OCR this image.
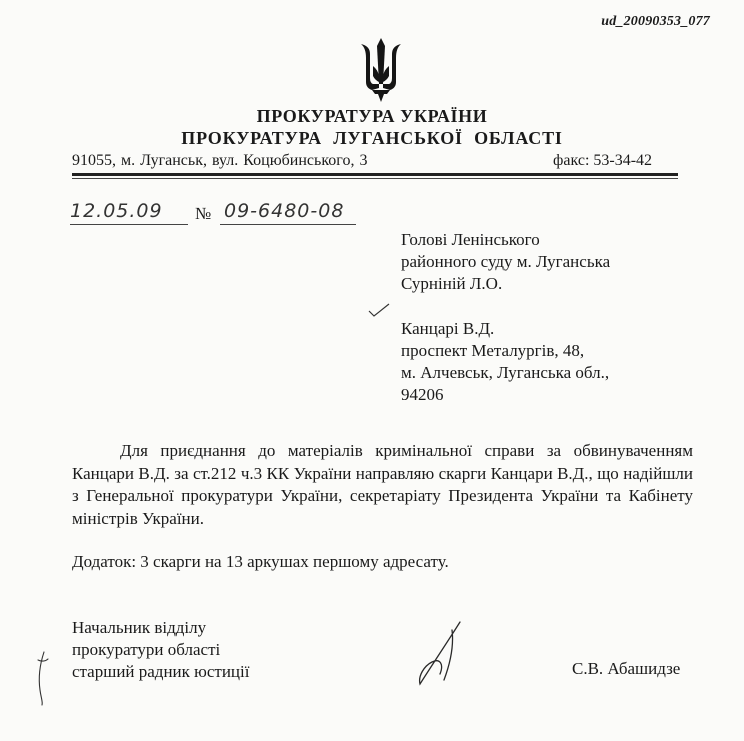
ud_20090353_077
ПРОКУРАТУРА УКРАЇНИ
ПРОКУРАТУРА ЛУГАНСЬКОЇ ОБЛАСТІ
91055, м. Луганськ, вул. Коцюбинського, 3	факс: 53-34-42
12.05.09 № 09-6480-08
Голові Ленінського
районного суду м. Луганська
Сурніній Л.О.
Канцарі В.Д.
проспект Металургів, 48,
м. Алчевськ, Луганська обл.,
94206
Для приєднання до матеріалів кримінальної справи за обвинуваченням Канцари В.Д. за ст.212 ч.3 КК України направляю скарги Канцари В.Д., що надійшли з Генеральної прокуратури України, секретаріату Президента України та Кабінету міністрів України.
Додаток: 3 скарги на 13 аркушах першому адресату.
Начальник відділу
прокуратури області
старший радник юстиції	С.В. Абашидзе
